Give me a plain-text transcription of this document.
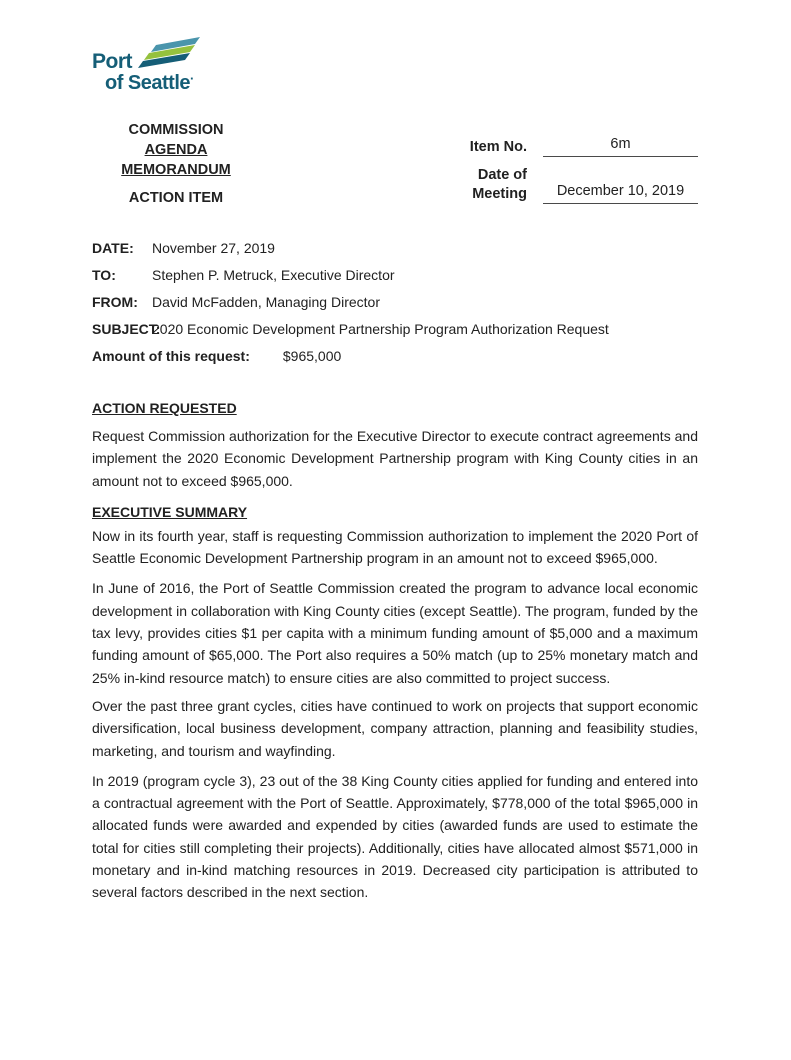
Port
of Seattle·
COMMISSION
AGENDA MEMORANDUM
ACTION ITEM
Item No.	6m
Date of Meeting	December 10, 2019
DATE:	November 27, 2019
TO:	Stephen P. Metruck, Executive Director
FROM:	David McFadden, Managing Director
SUBJECT:
2020 Economic Development Partnership Program Authorization Request
Amount of this request: $965,000
ACTION REQUESTED

Request Commission authorization for the Executive Director to execute contract agreements and implement the 2020 Economic Development Partnership program with King County cities in an amount not to exceed $965,000.

EXECUTIVE SUMMARY

Now in its fourth year, staff is requesting Commission authorization to implement the 2020 Port of Seattle Economic Development Partnership program in an amount not to exceed $965,000.

In June of 2016, the Port of Seattle Commission created the program to advance local economic development in collaboration with King County cities (except Seattle). The program, funded by the tax levy, provides cities $1 per capita with a minimum funding amount of $5,000 and a maximum funding amount of $65,000. The Port also requires a 50% match (up to 25% monetary match and 25% in-kind resource match) to ensure cities are also committed to project success.

Over the past three grant cycles, cities have continued to work on projects that support economic diversification, local business development, company attraction, planning and feasibility studies, marketing, and tourism and wayfinding.

In 2019 (program cycle 3), 23 out of the 38 King County cities applied for funding and entered into a contractual agreement with the Port of Seattle. Approximately, $778,000 of the total $965,000 in allocated funds were awarded and expended by cities (awarded funds are used to estimate the total for cities still completing their projects). Additionally, cities have allocated almost $571,000 in monetary and in-kind matching resources in 2019. Decreased city participation is attributed to several factors described in the next section.
